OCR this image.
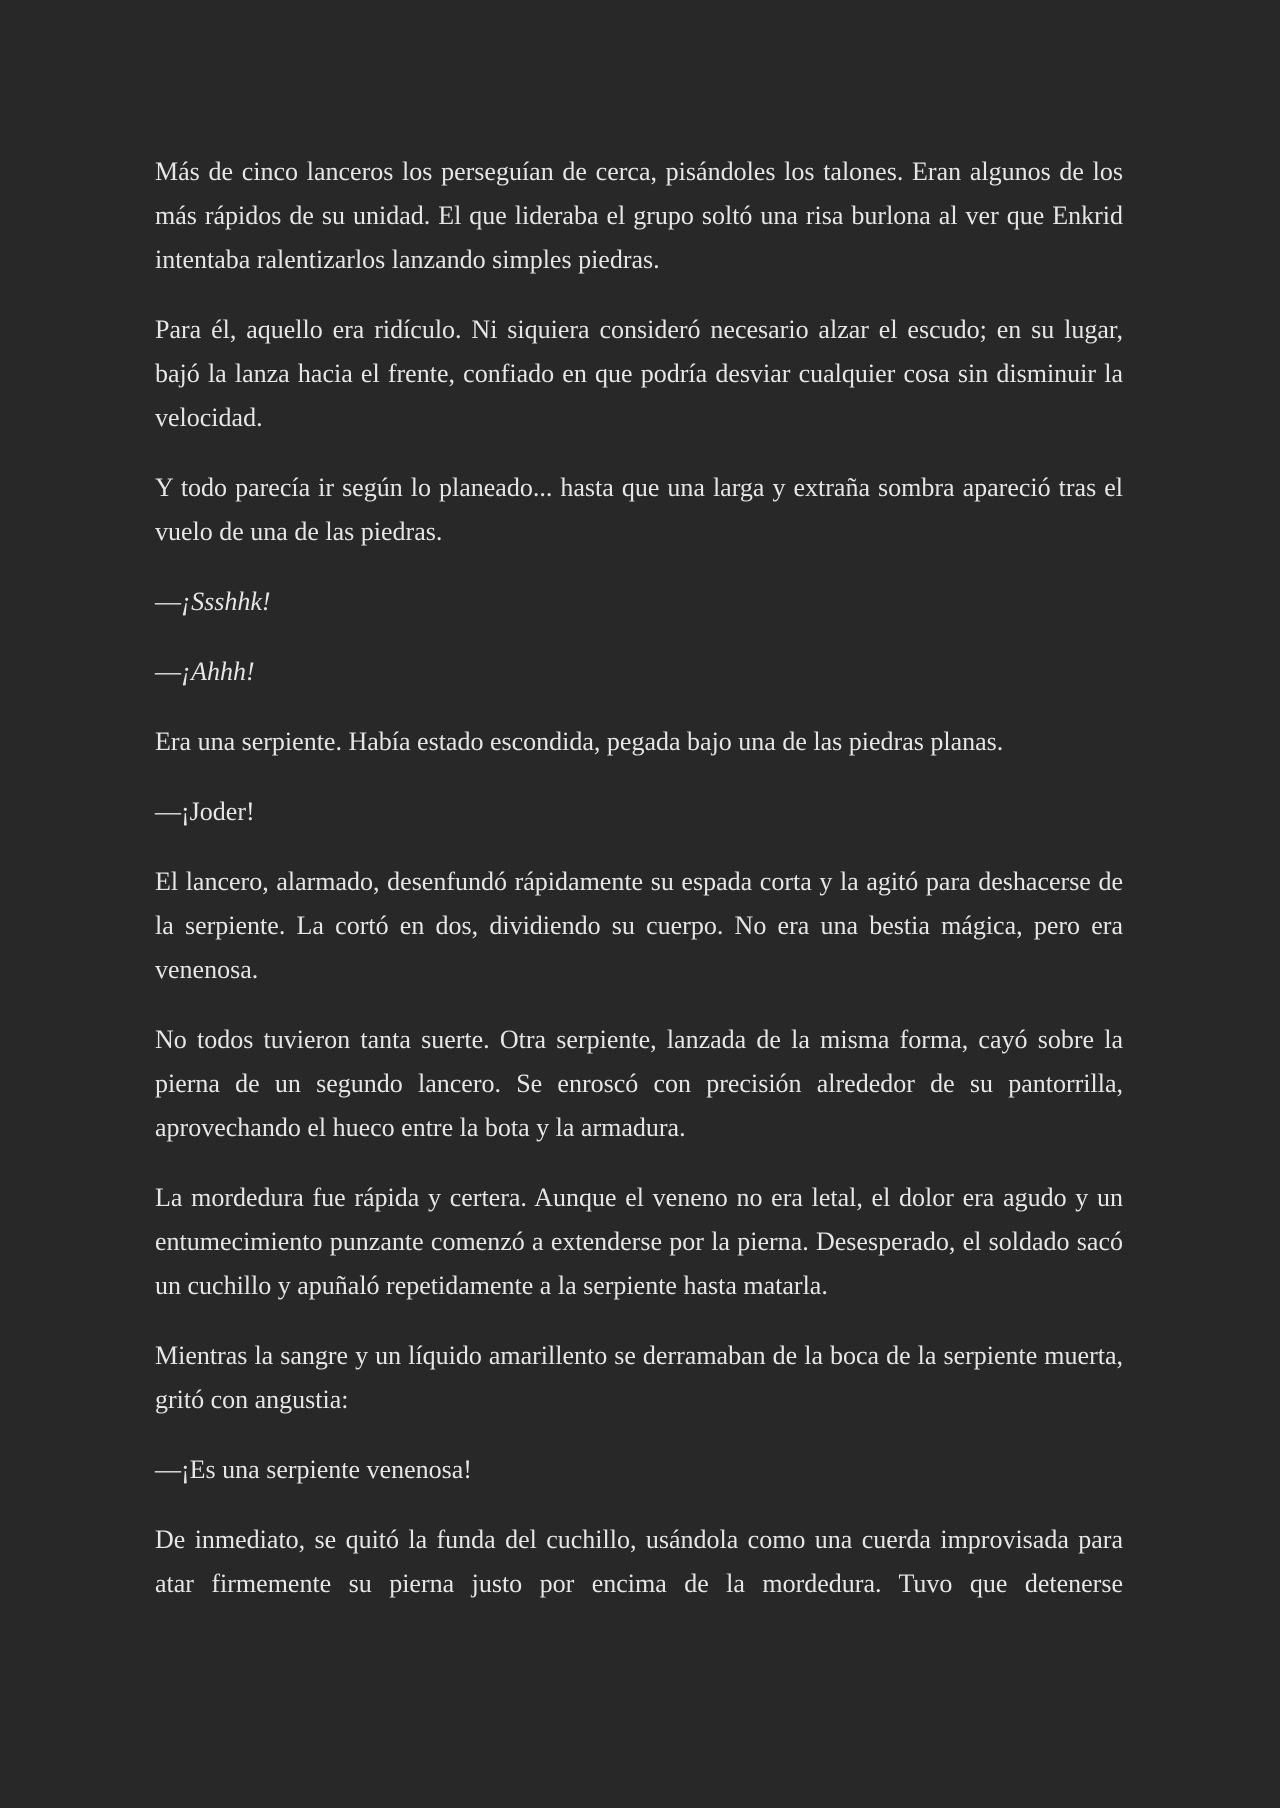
Más de cinco lanceros los perseguían de cerca, pisándoles los talones. Eran algunos de los más rápidos de su unidad. El que lideraba el grupo soltó una risa burlona al ver que Enkrid intentaba ralentizarlos lanzando simples piedras.

Para él, aquello era ridículo. Ni siquiera consideró necesario alzar el escudo; en su lugar, bajó la lanza hacia el frente, confiado en que podría desviar cualquier cosa sin disminuir la velocidad.

Y todo parecía ir según lo planeado... hasta que una larga y extraña sombra apareció tras el vuelo de una de las piedras.

—¡Ssshhk!

—¡Ahhh!

Era una serpiente. Había estado escondida, pegada bajo una de las piedras planas.

—¡Joder!

El lancero, alarmado, desenfundó rápidamente su espada corta y la agitó para deshacerse de la serpiente. La cortó en dos, dividiendo su cuerpo. No era una bestia mágica, pero era venenosa.

No todos tuvieron tanta suerte. Otra serpiente, lanzada de la misma forma, cayó sobre la pierna de un segundo lancero. Se enroscó con precisión alrededor de su pantorrilla, aprovechando el hueco entre la bota y la armadura.

La mordedura fue rápida y certera. Aunque el veneno no era letal, el dolor era agudo y un entumecimiento punzante comenzó a extenderse por la pierna. Desesperado, el soldado sacó un cuchillo y apuñaló repetidamente a la serpiente hasta matarla.

Mientras la sangre y un líquido amarillento se derramaban de la boca de la serpiente muerta, gritó con angustia:

—¡Es una serpiente venenosa!

De inmediato, se quitó la funda del cuchillo, usándola como una cuerda improvisada para atar firmemente su pierna justo por encima de la mordedura. Tuvo que detenerse
